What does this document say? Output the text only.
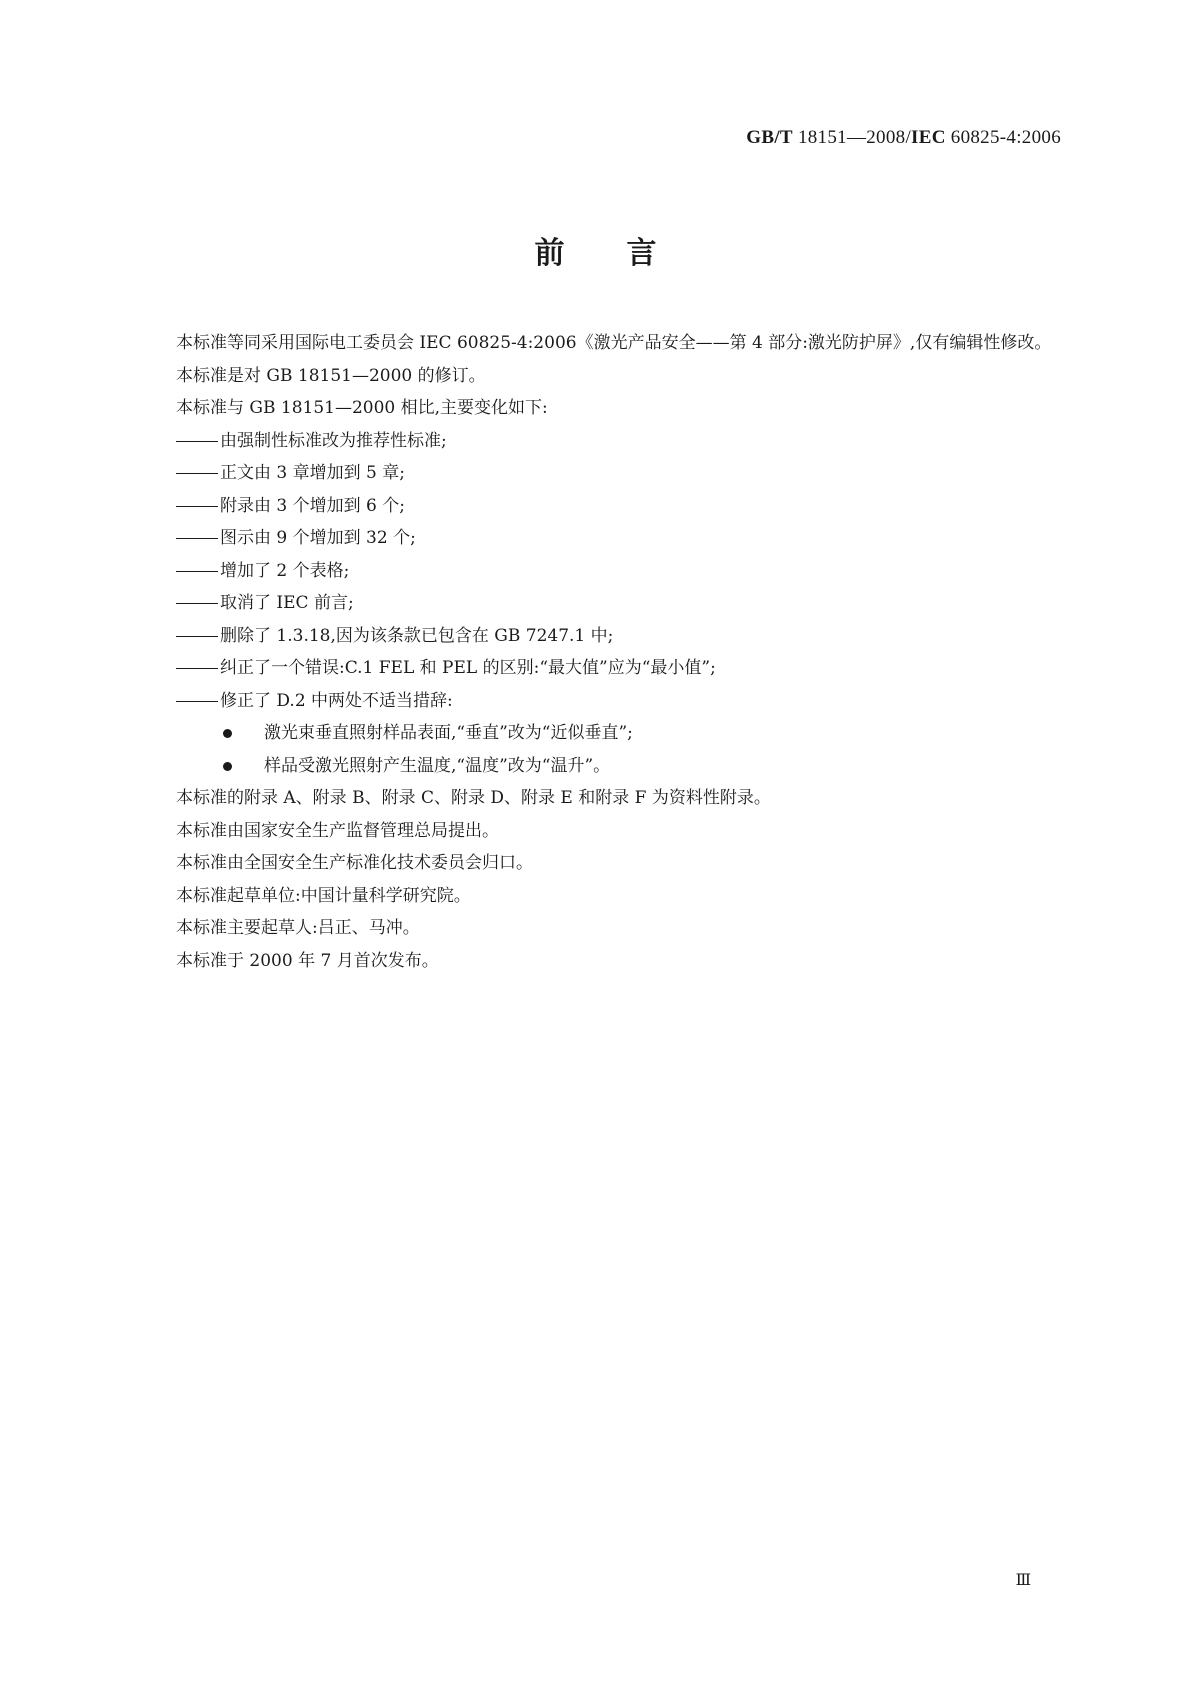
GB/T 18151—2008/IEC 60825-4:2006
前言

本标准等同采用国际电工委员会 IEC 60825-4:2006《激光产品安全——第 4 部分:激光防护屏》,仅有编辑性修改。

本标准是对 GB 18151—2000 的修订。

本标准与 GB 18151—2000 相比,主要变化如下:

由强制性标准改为推荐性标准;

正文由 3 章增加到 5 章;

附录由 3 个增加到 6 个;

图示由 9 个增加到 32 个;

增加了 2 个表格;

取消了 IEC 前言;

删除了 1.3.18,因为该条款已包含在 GB 7247.1 中;

纠正了一个错误:C.1 FEL 和 PEL 的区别:“最大值”应为“最小值”;

修正了 D.2 中两处不适当措辞:

激光束垂直照射样品表面,“垂直”改为“近似垂直”;

样品受激光照射产生温度,“温度”改为“温升”。

本标准的附录 A、附录 B、附录 C、附录 D、附录 E 和附录 F 为资料性附录。

本标准由国家安全生产监督管理总局提出。

本标准由全国安全生产标准化技术委员会归口。

本标准起草单位:中国计量科学研究院。

本标准主要起草人:吕正、马冲。

本标准于 2000 年 7 月首次发布。

Ⅲ
